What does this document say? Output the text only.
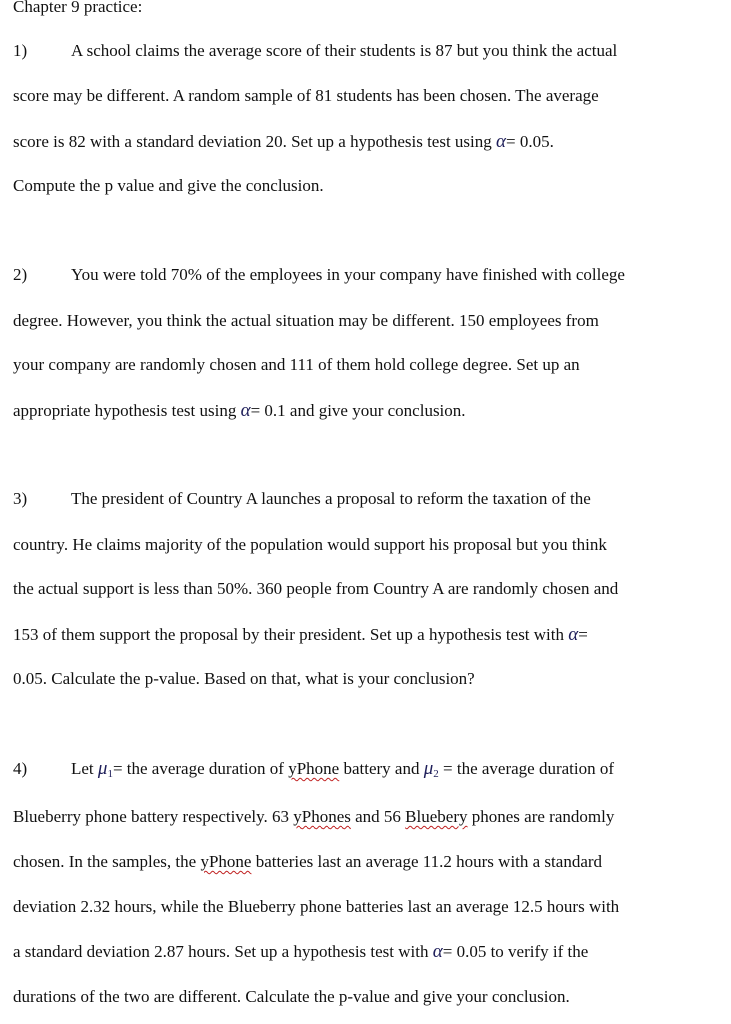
Chapter 9 practice:
1)	A school claims the average score of their students is 87 but you think the actual
score may be different. A random sample of 81 students has been chosen. The average
score is 82 with a standard deviation 20. Set up a hypothesis test using α= 0.05.
Compute the p value and give the conclusion.
2)	You were told 70% of the employees in your company have finished with college
degree. However, you think the actual situation may be different. 150 employees from
your company are randomly chosen and 111 of them hold college degree. Set up an
appropriate hypothesis test using α= 0.1 and give your conclusion.
3)	The president of Country A launches a proposal to reform the taxation of the
country. He claims majority of the population would support his proposal but you think
the actual support is less than 50%. 360 people from Country A are randomly chosen and
153 of them support the proposal by their president. Set up a hypothesis test with α=
0.05. Calculate the p-value. Based on that, what is your conclusion?
4)	Let $\mu_1=$ the average duration of yPhone battery and $\mu_2$ = the average duration of
Blueberry phone battery respectively. 63 yPhones and 56 Bluebery phones are randomly
chosen. In the samples, the yPhone batteries last an average 11.2 hours with a standard
deviation 2.32 hours, while the Blueberry phone batteries last an average 12.5 hours with
a standard deviation 2.87 hours. Set up a hypothesis test with α= 0.05 to verify if the
durations of the two are different. Calculate the p-value and give your conclusion.
